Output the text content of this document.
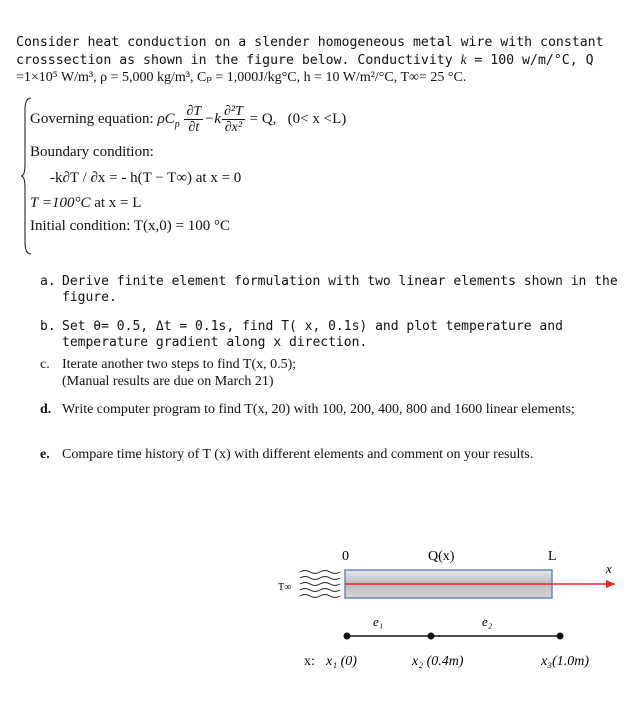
Consider heat conduction on a slender homogeneous metal wire with constant
crosssection as shown in the figure below. Conductivity k = 100 w/m/°C, Q
=1×10⁵ W/m³, ρ = 5,000 kg/m³, Cₚ = 1,000J/kg°C, h = 10 W/m²/°C, T∞= 25 °C.
Governing equation: $\rho C_p \frac{\partial T}{\partial t} -k \frac{\text{∂²T}}{\text{∂x²}} = Q$, (0< x <L)
Boundary condition:
-k∂T / ∂x = - h(T − T∞) at x = 0
T =100°C at x = L
Initial condition: T(x,0) = 100 °C
a. Derive finite element formulation with two linear elements shown in the figure.
b. Set θ= 0.5, Δt = 0.1s, find T( x, 0.1s) and plot temperature and temperature gradient along x direction.
c. Iterate another two steps to find T(x, 0.5);
(Manual results are due on March 21)
d. Write computer program to find T(x, 20) with 100, 200, 400, 800 and 1600 linear elements;
e. Compare time history of T (x) with different elements and comment on your results.
0	Q(x)	L
x
T∞
e₁	e₂
x: x₁ (0)	x₂ (0.4m)	x₃(1.0m)
